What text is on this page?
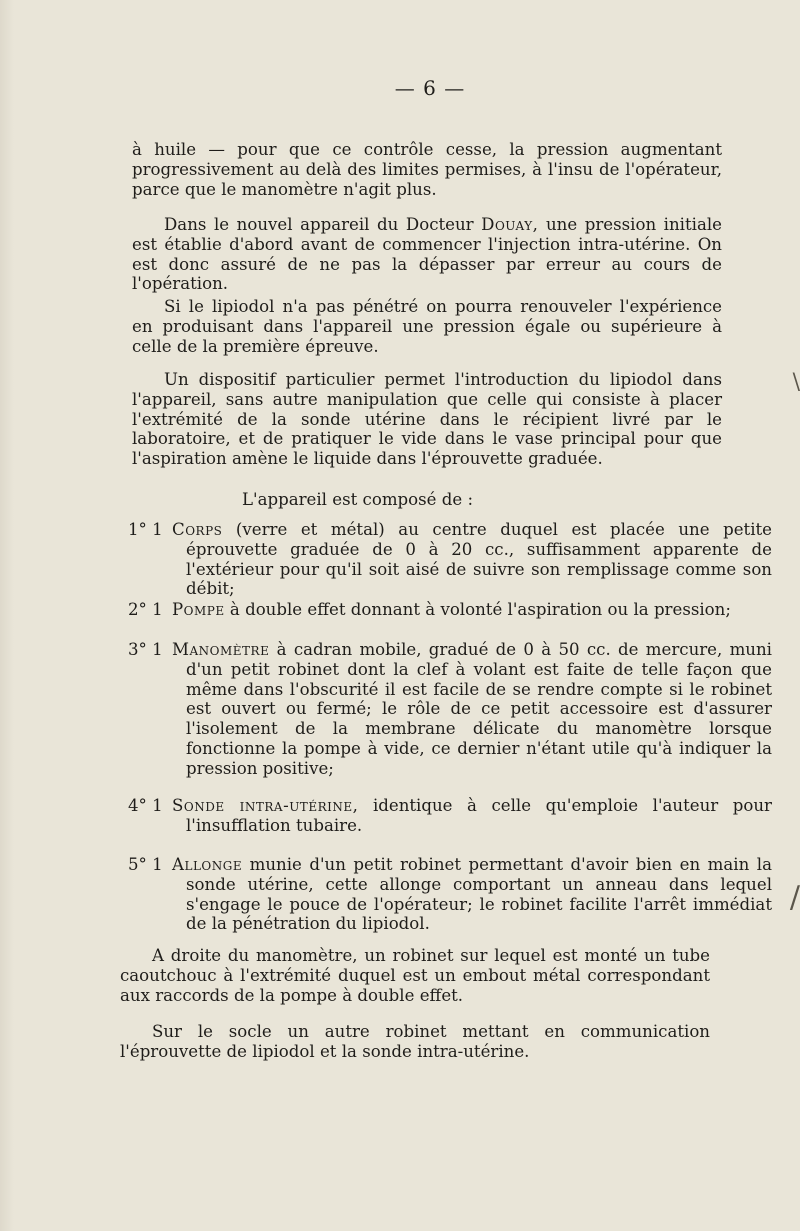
— 6 —

à huile — pour que ce contrôle cesse, la pression augmentant progressivement au delà des limites permises, à l'insu de l'opérateur, parce que le manomètre n'agit plus.

Dans le nouvel appareil du Docteur Douay, une pression initiale est établie d'abord avant de commencer l'injection intra-utérine. On est donc assuré de ne pas la dépasser par erreur au cours de l'opération.

Si le lipiodol n'a pas pénétré on pourra renouveler l'expérience en produisant dans l'appareil une pression égale ou supérieure à celle de la première épreuve.

Un dispositif particulier permet l'introduction du lipiodol dans l'appareil, sans autre manipulation que celle qui consiste à placer l'extrémité de la sonde utérine dans le récipient livré par le laboratoire, et de pratiquer le vide dans le vase principal pour que l'aspiration amène le liquide dans l'éprouvette graduée.

L'appareil est composé de :

1° 1 Corps (verre et métal) au centre duquel est placée une petite éprouvette graduée de 0 à 20 cc., suffisamment apparente de l'extérieur pour qu'il soit aisé de suivre son remplissage comme son débit;

2° 1 Pompe à double effet donnant à volonté l'aspiration ou la pression;

3° 1 Manomètre à cadran mobile, gradué de 0 à 50 cc. de mercure, muni d'un petit robinet dont la clef à volant est faite de telle façon que même dans l'obscurité il est facile de se rendre compte si le robinet est ouvert ou fermé; le rôle de ce petit accessoire est d'assurer l'isolement de la membrane délicate du manomètre lorsque fonctionne la pompe à vide, ce dernier n'étant utile qu'à indiquer la pression positive;

4° 1 Sonde intra-utérine, identique à celle qu'emploie l'auteur pour l'insufflation tubaire.

5° 1 Allonge munie d'un petit robinet permettant d'avoir bien en main la sonde utérine, cette allonge comportant un anneau dans lequel s'engage le pouce de l'opérateur; le robinet facilite l'arrêt immédiat de la pénétration du lipiodol.

A droite du manomètre, un robinet sur lequel est monté un tube caoutchouc à l'extrémité duquel est un embout métal correspondant aux raccords de la pompe à double effet.

Sur le socle un autre robinet mettant en communication l'éprouvette de lipiodol et la sonde intra-utérine.

\
/
